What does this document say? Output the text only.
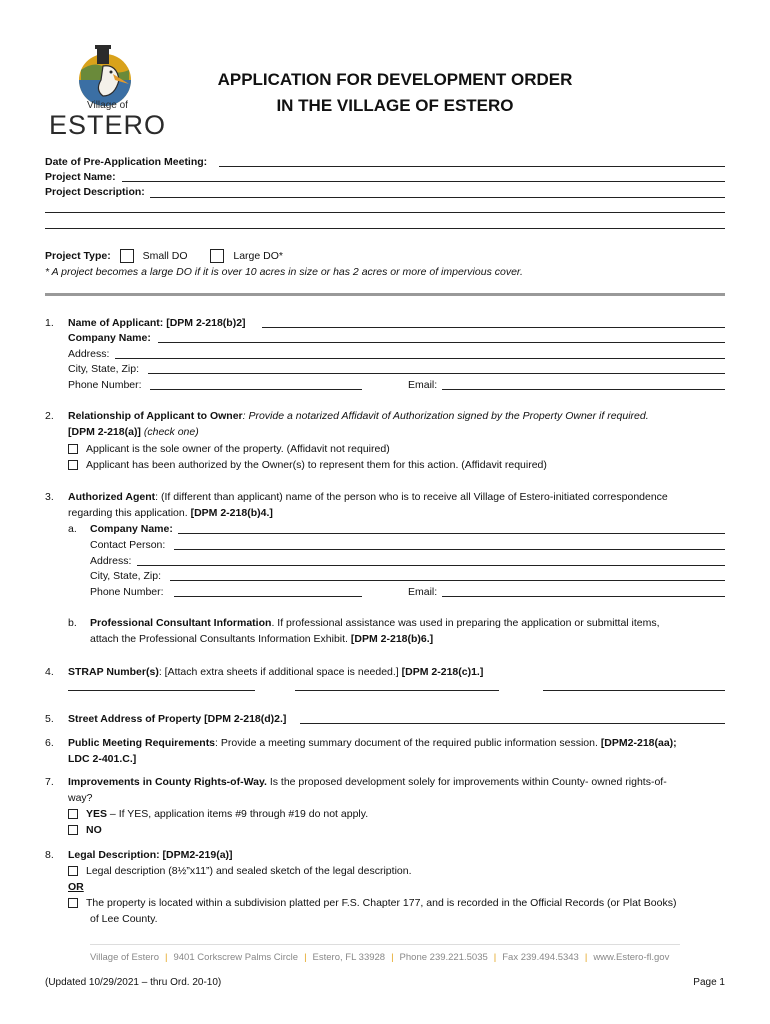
Village of
ESTERO
APPLICATION FOR DEVELOPMENT ORDER
IN THE VILLAGE OF ESTERO
Date of Pre-Application Meeting:
Project Name:
Project Description:
Project Type:	Small DO	Large DO*
* A project becomes a large DO if it is over 10 acres in size or has 2 acres or more of impervious cover.
1. Name of Applicant: [DPM 2-218(b)2]
Company Name:
Address:
City, State, Zip:
Phone Number:	Email:
2. Relationship of Applicant to Owner: Provide a notarized Affidavit of Authorization signed by the Property Owner if required.
[DPM 2-218(a)] (check one)
Applicant is the sole owner of the property. (Affidavit not required)
Applicant has been authorized by the Owner(s) to represent them for this action. (Affidavit required)
3. Authorized Agent: (If different than applicant) name of the person who is to receive all Village of Estero-initiated correspondence
regarding this application. [DPM 2-218(b)4.]
a. Company Name:
Contact Person:
Address:
City, State, Zip:
Phone Number:	Email:
b. Professional Consultant Information. If professional assistance was used in preparing the application or submittal items,
attach the Professional Consultants Information Exhibit. [DPM 2-218(b)6.]
4. STRAP Number(s): [Attach extra sheets if additional space is needed.] [DPM 2-218(c)1.]
5. Street Address of Property [DPM 2-218(d)2.]
6. Public Meeting Requirements: Provide a meeting summary document of the required public information session. [DPM2-218(aa);
LDC 2-401.C.]
7. Improvements in County Rights-of-Way. Is the proposed development solely for improvements within County- owned rights-of-
way?
YES – If YES, application items #9 through #19 do not apply.
NO
8. Legal Description: [DPM2-219(a)]
Legal description (8½”x11”) and sealed sketch of the legal description.
OR
The property is located within a subdivision platted per F.S. Chapter 177, and is recorded in the Official Records (or Plat Books)
of Lee County.
Village of Estero | 9401 Corkscrew Palms Circle | Estero, FL 33928 | Phone 239.221.5035 | Fax 239.494.5343 | www.Estero-fl.gov
(Updated 10/29/2021 – thru Ord. 20-10)	Page 1
